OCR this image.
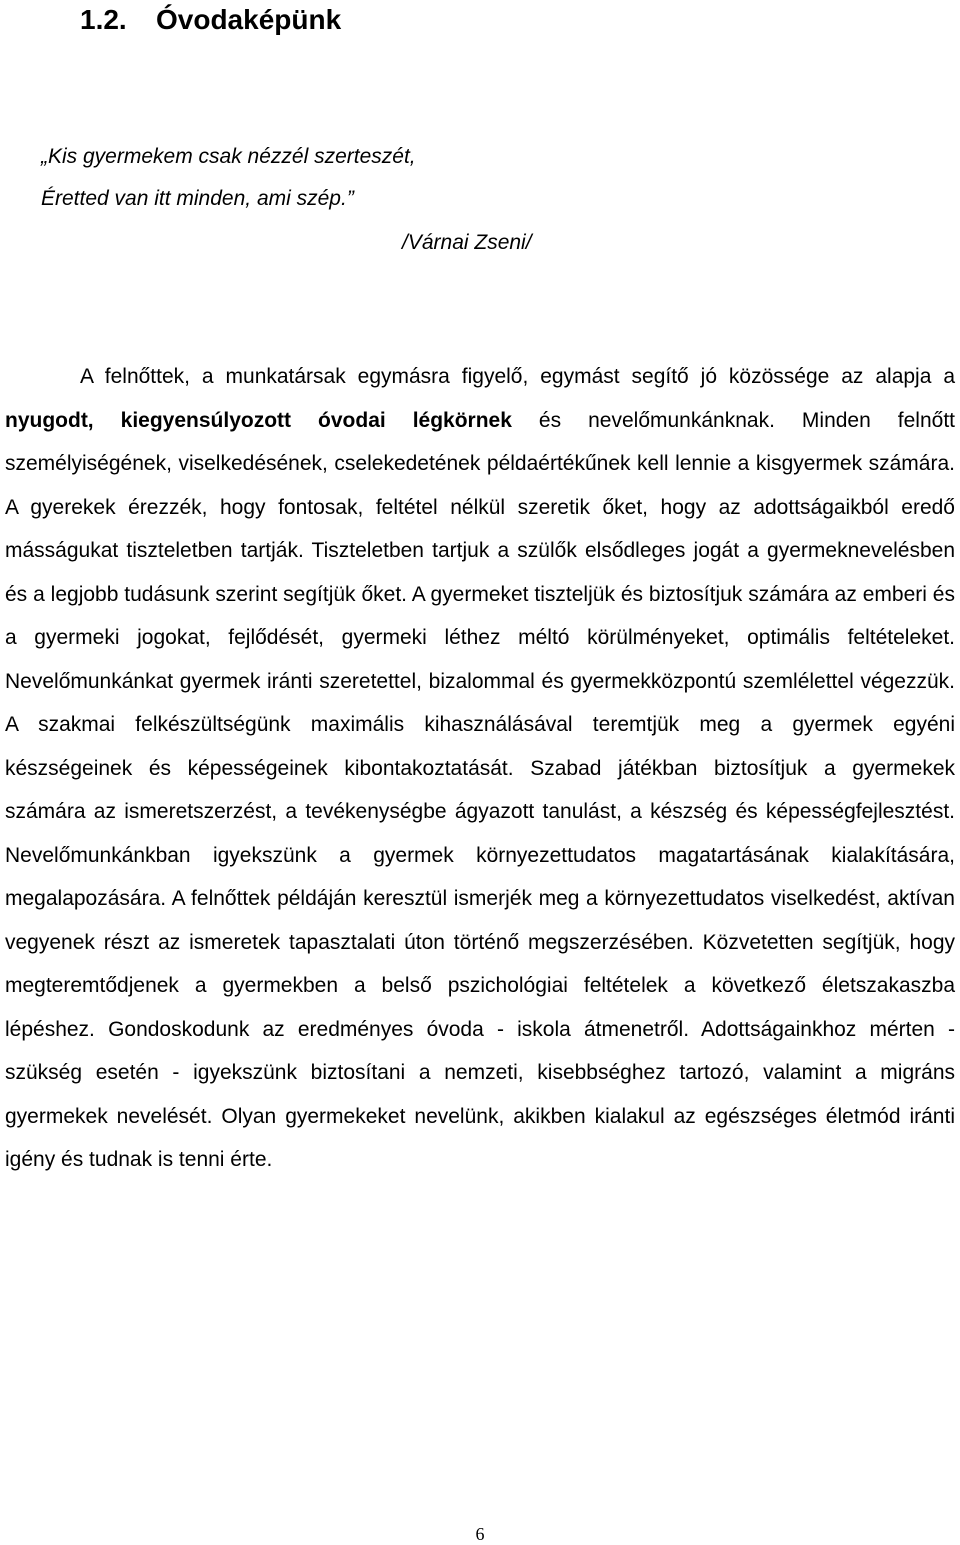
1.2. Óvodaképünk
„Kis gyermekem csak nézzél szerteszét,
Éretted van itt minden, ami szép.”
/Várnai Zseni/

A felnőttek, a munkatársak egymásra figyelő, egymást segítő jó közössége az alapja a nyugodt, kiegyensúlyozott óvodai légkörnek és nevelőmunkánknak. Minden felnőtt személyiségének, viselkedésének, cselekedetének példaértékűnek kell lennie a kisgyermek számára. A gyerekek érezzék, hogy fontosak, feltétel nélkül szeretik őket, hogy az adottságaikból eredő másságukat tiszteletben tartják. Tiszteletben tartjuk a szülők elsődleges jogát a gyermeknevelésben és a legjobb tudásunk szerint segítjük őket. A gyermeket tiszteljük és biztosítjuk számára az emberi és a gyermeki jogokat, fejlődését, gyermeki léthez méltó körülményeket, optimális feltételeket. Nevelőmunkánkat gyermek iránti szeretettel, bizalommal és gyermekközpontú szemlélettel végezzük. A szakmai felkészültségünk maximális kihasználásával teremtjük meg a gyermek egyéni készségeinek és képességeinek kibontakoztatását. Szabad játékban biztosítjuk a gyermekek számára az ismeretszerzést, a tevékenységbe ágyazott tanulást, a készség és képességfejlesztést. Nevelőmunkánkban igyekszünk a gyermek környezettudatos magatartásának kialakítására, megalapozására. A felnőttek példáján keresztül ismerjék meg a környezettudatos viselkedést, aktívan vegyenek részt az ismeretek tapasztalati úton történő megszerzésében. Közvetetten segítjük, hogy megteremtődjenek a gyermekben a belső pszichológiai feltételek a következő életszakaszba lépéshez. Gondoskodunk az eredményes óvoda - iskola átmenetről. Adottságainkhoz mérten - szükség esetén - igyekszünk biztosítani a nemzeti, kisebbséghez tartozó, valamint a migráns gyermekek nevelését. Olyan gyermekeket nevelünk, akikben kialakul az egészséges életmód iránti igény és tudnak is tenni érte.

6
